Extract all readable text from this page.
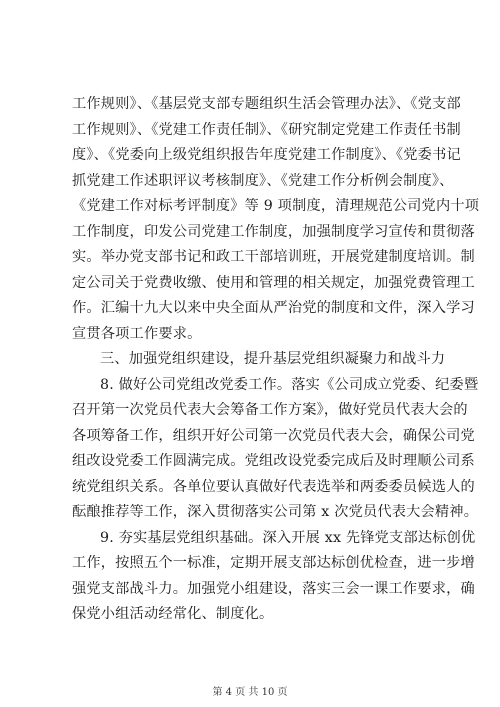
工作规则》、《基层党支部专题组织生活会管理办法》、《党支部
工作规则》、《党建工作责任制》、《研究制定党建工作责任书制
度》、《党委向上级党组织报告年度党建工作制度》、《党委书记
抓党建工作述职评议考核制度》、《党建工作分析例会制度》、
《党建工作对标考评制度》等 9 项制度，清理规范公司党内十项
工作制度，印发公司党建工作制度，加强制度学习宣传和贯彻落
实。举办党支部书记和政工干部培训班，开展党建制度培训。制
定公司关于党费收缴、使用和管理的相关规定，加强党费管理工
作。汇编十九大以来中央全面从严治党的制度和文件，深入学习
宣贯各项工作要求。
三、加强党组织建设，提升基层党组织凝聚力和战斗力
8. 做好公司党组改党委工作。落实《公司成立党委、纪委暨
召开第一次党员代表大会筹备工作方案》，做好党员代表大会的
各项筹备工作，组织开好公司第一次党员代表大会，确保公司党
组改设党委工作圆满完成。党组改设党委完成后及时理顺公司系
统党组织关系。各单位要认真做好代表选举和两委委员候选人的
酝酿推荐等工作，深入贯彻落实公司第 x 次党员代表大会精神。
9. 夯实基层党组织基础。深入开展 xx 先锋党支部达标创优
工作，按照五个一标准，定期开展支部达标创优检查，进一步增
强党支部战斗力。加强党小组建设，落实三会一课工作要求，确
保党小组活动经常化、制度化。
第 4 页 共 10 页
